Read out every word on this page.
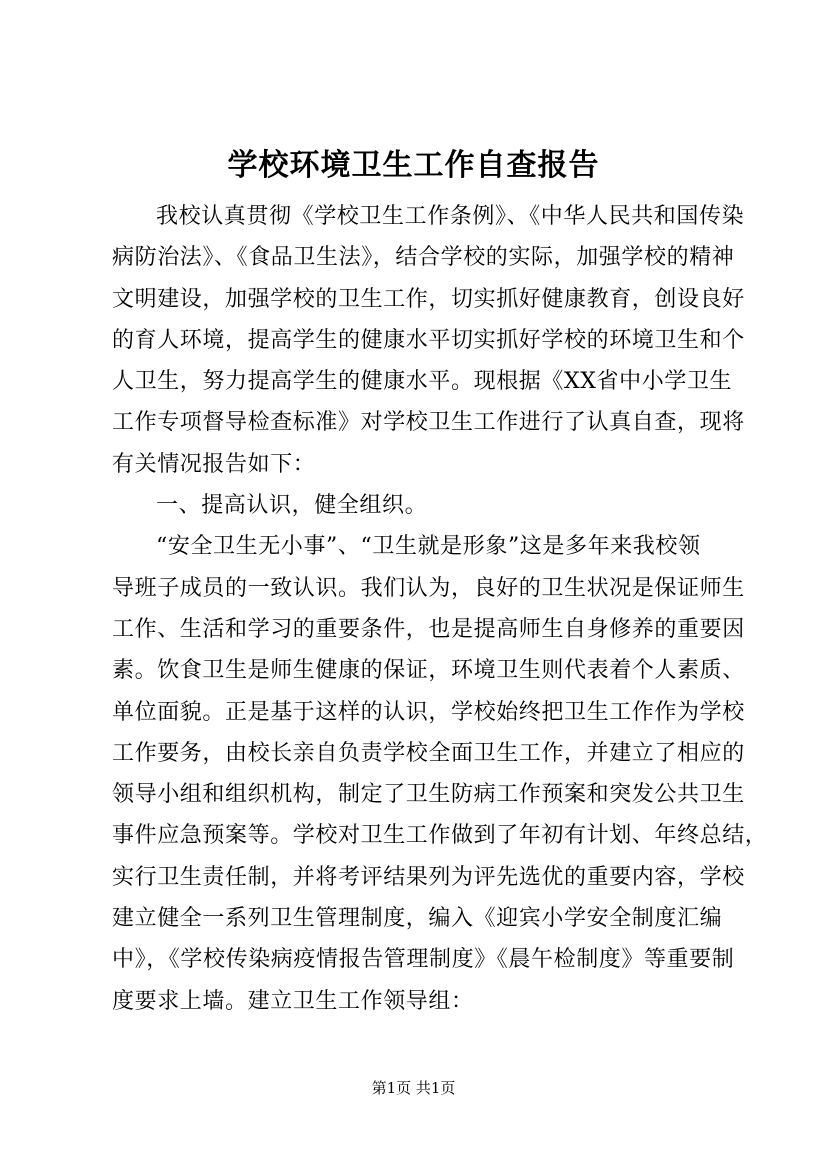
学校环境卫生工作自查报告
我校认真贯彻《学校卫生工作条例》、《中华人民共和国传染
病防治法》、《食品卫生法》，结合学校的实际，加强学校的精神
文明建设，加强学校的卫生工作，切实抓好健康教育，创设良好
的育人环境，提高学生的健康水平切实抓好学校的环境卫生和个
人卫生，努力提高学生的健康水平。现根据《XX省中小学卫生
工作专项督导检查标准》对学校卫生工作进行了认真自查，现将
有关情况报告如下：
一、提高认识，健全组织。
“安全卫生无小事”、“卫生就是形象”这是多年来我校领
导班子成员的一致认识。我们认为，良好的卫生状况是保证师生
工作、生活和学习的重要条件，也是提高师生自身修养的重要因
素。饮食卫生是师生健康的保证，环境卫生则代表着个人素质、
单位面貌。正是基于这样的认识，学校始终把卫生工作作为学校
工作要务，由校长亲自负责学校全面卫生工作，并建立了相应的
领导小组和组织机构，制定了卫生防病工作预案和突发公共卫生
事件应急预案等。学校对卫生工作做到了年初有计划、年终总结，
实行卫生责任制，并将考评结果列为评先选优的重要内容，学校
建立健全一系列卫生管理制度，编入《迎宾小学安全制度汇编
中》，《学校传染病疫情报告管理制度》《晨午检制度》等重要制
度要求上墙。建立卫生工作领导组：
第1页 共1页
